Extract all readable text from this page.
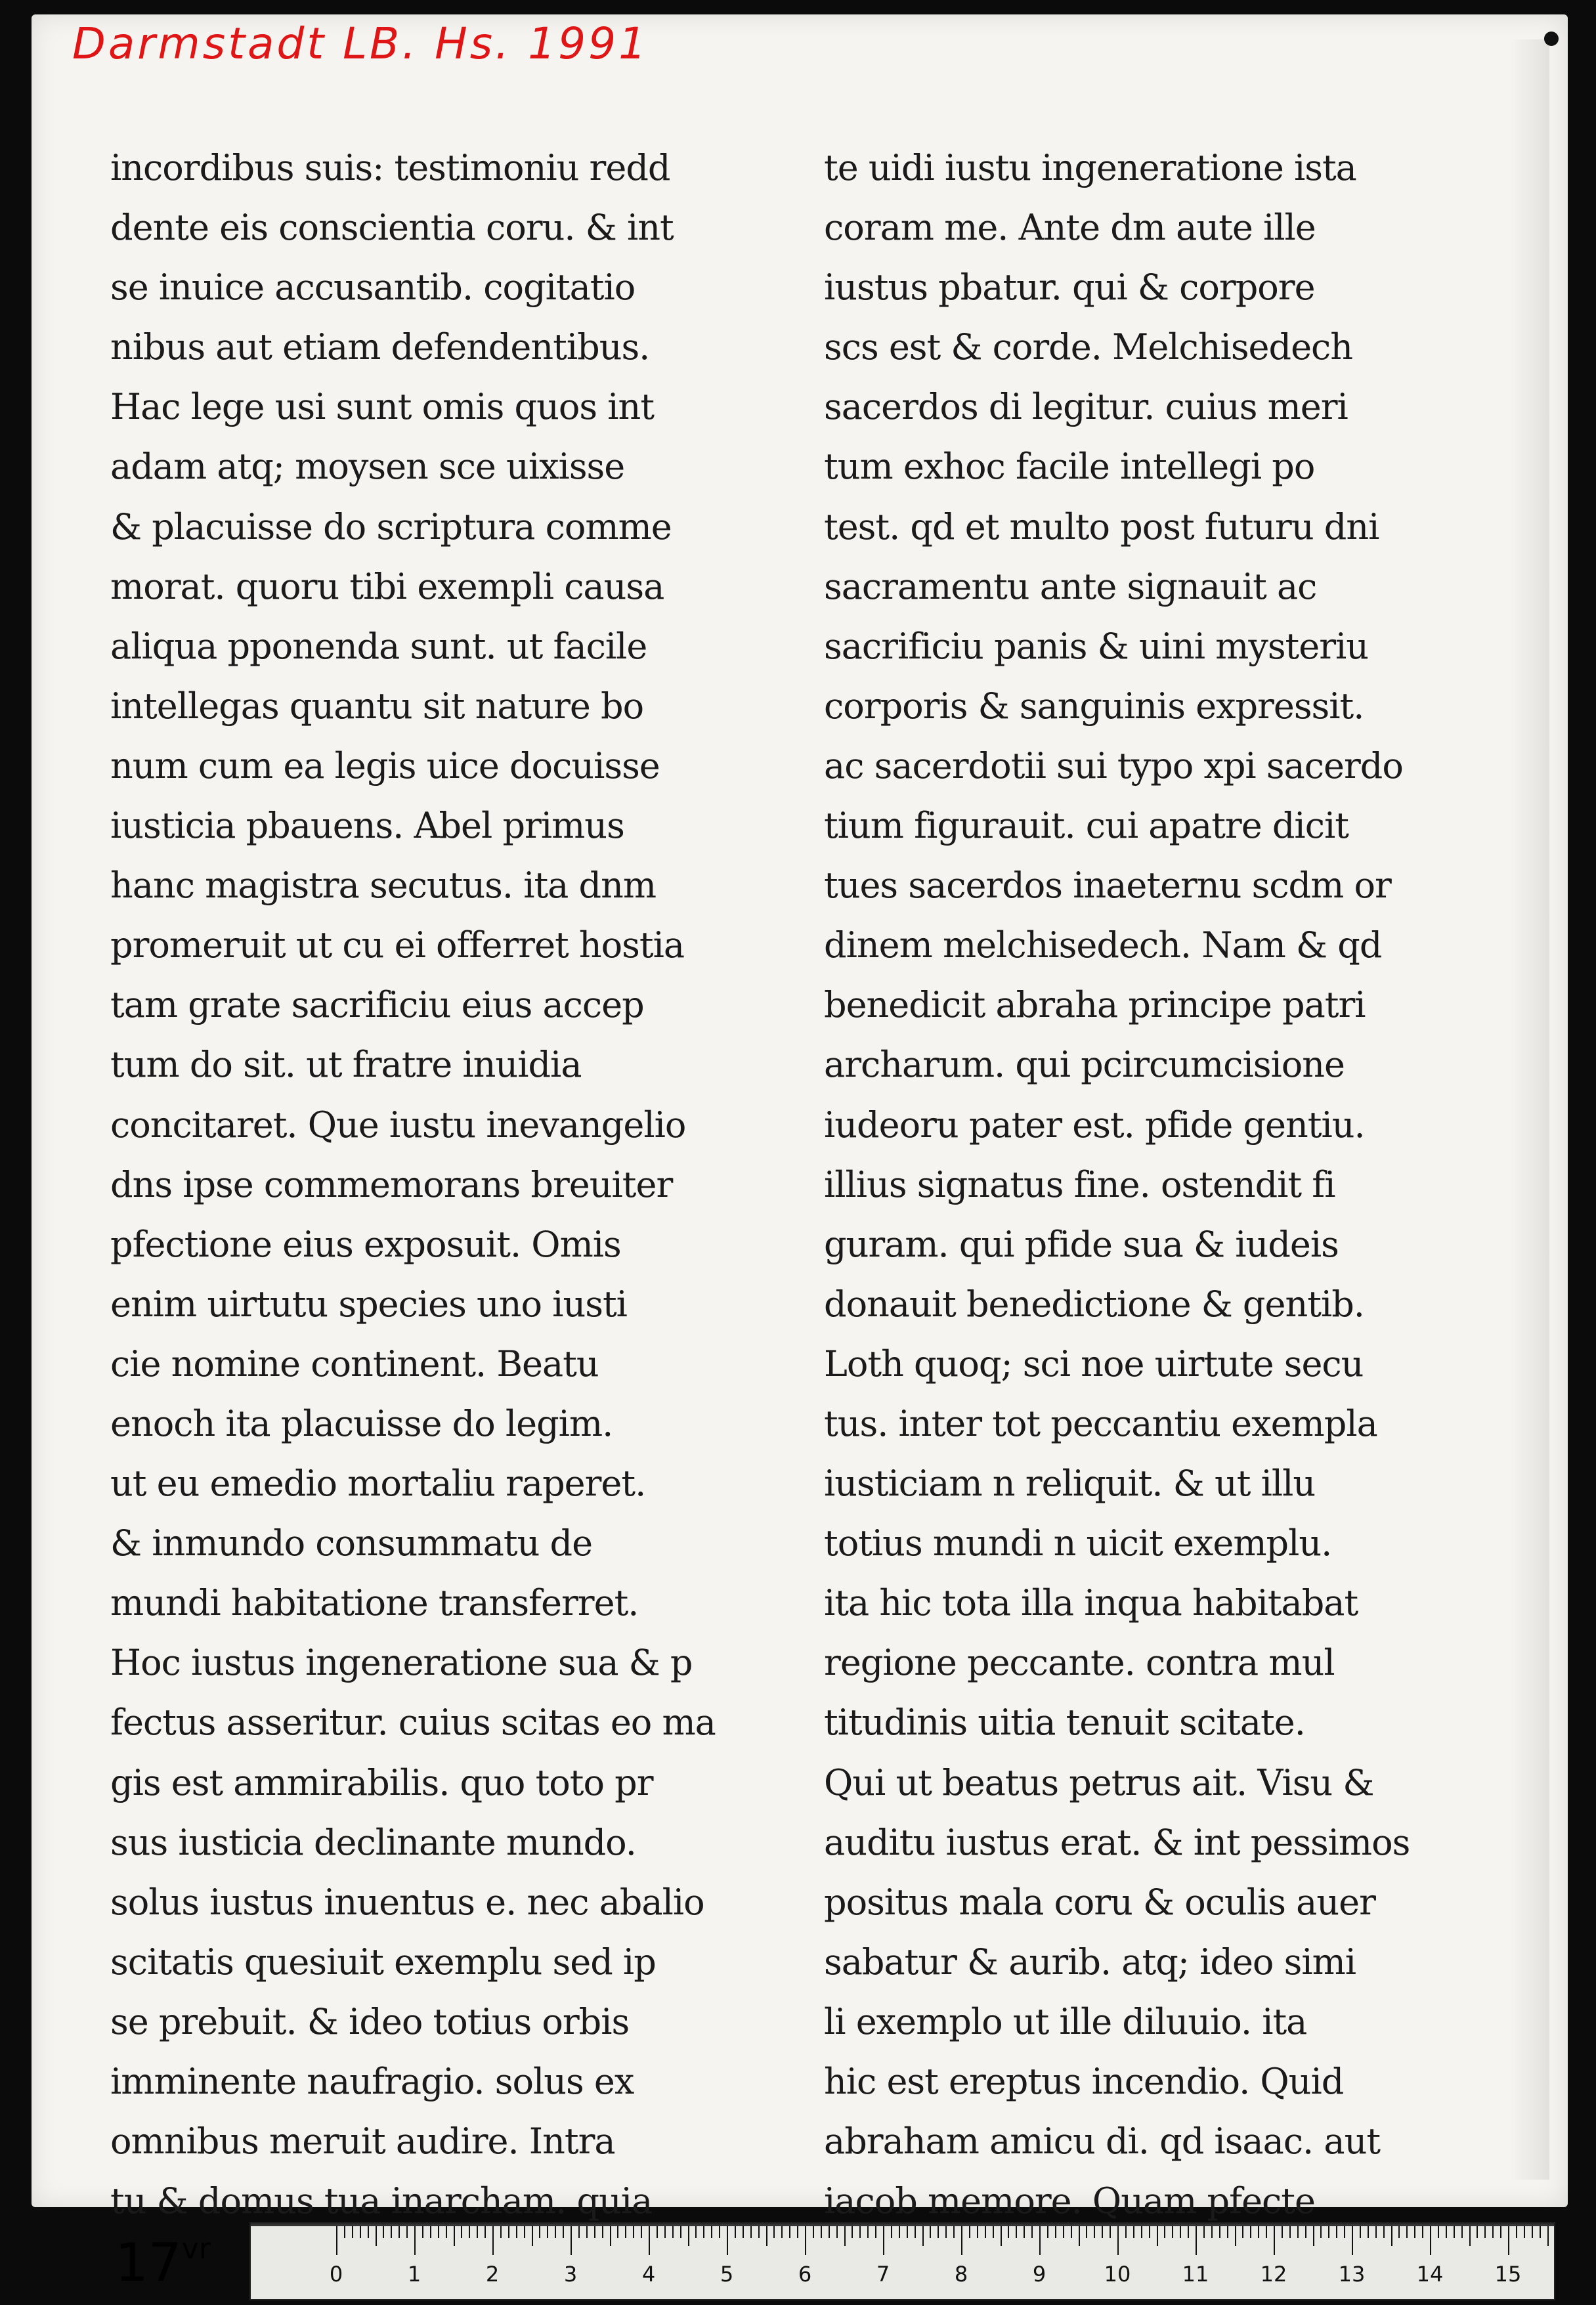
Darmstadt LB. Hs. 1991
incordibus suis: testimoniu redd
dente eis conscientia coru. & int
se inuice accusantib. cogitatio
nibus aut etiam defendentibus.
Hac lege usi sunt omis quos int
adam atq; moysen sce uixisse
& placuisse do scriptura comme
morat. quoru tibi exempli causa
aliqua pponenda sunt. ut facile
intellegas quantu sit nature bo
num cum ea legis uice docuisse
iusticia pbauens. Abel primus
hanc magistra secutus. ita dnm
promeruit ut cu ei offerret hostia
tam grate sacrificiu eius accep
tum do sit. ut fratre inuidia
concitaret. Que iustu inevangelio
dns ipse commemorans breuiter
pfectione eius exposuit. Omis
enim uirtutu species uno iusti
cie nomine continent. Beatu
enoch ita placuisse do legim.
ut eu emedio mortaliu raperet.
& inmundo consummatu de
mundi habitatione transferret.
Hoc iustus ingeneratione sua & p
fectus asseritur. cuius scitas eo ma
gis est ammirabilis. quo toto pr
sus iusticia declinante mundo.
solus iustus inuentus e. nec abalio
scitatis quesiuit exemplu sed ip
se prebuit. & ideo totius orbis
imminente naufragio. solus ex
omnibus meruit audire. Intra
tu & domus tua inarcham. quia
te uidi iustu ingeneratione ista
coram me. Ante dm aute ille
iustus pbatur. qui & corpore
scs est & corde. Melchisedech
sacerdos di legitur. cuius meri
tum exhoc facile intellegi po
test. qd et multo post futuru dni
sacramentu ante signauit ac
sacrificiu panis & uini mysteriu
corporis & sanguinis expressit.
ac sacerdotii sui typo xpi sacerdo
tium figurauit. cui apatre dicit
tues sacerdos inaeternu scdm or
dinem melchisedech. Nam & qd
benedicit abraha principe patri
archarum. qui pcircumcisione
iudeoru pater est. pfide gentiu.
illius signatus fine. ostendit fi
guram. qui pfide sua & iudeis
donauit benedictione & gentib.
Loth quoq; sci noe uirtute secu
tus. inter tot peccantiu exempla
iusticiam n reliquit. & ut illu
totius mundi n uicit exemplu.
ita hic tota illa inqua habitabat
regione peccante. contra mul
titudinis uitia tenuit scitate.
Qui ut beatus petrus ait. Visu &
auditu iustus erat. & int pessimos
positus mala coru & oculis auer
sabatur & aurib. atq; ideo simi
li exemplo ut ille diluuio. ita
hic est ereptus incendio. Quid
abraham amicu di. qd isaac. aut
iacob memore. Quam pfecte
$17^{vr}$
0	1	2	3	4	5	6	7	8	9	10 11 12 13 14 15
